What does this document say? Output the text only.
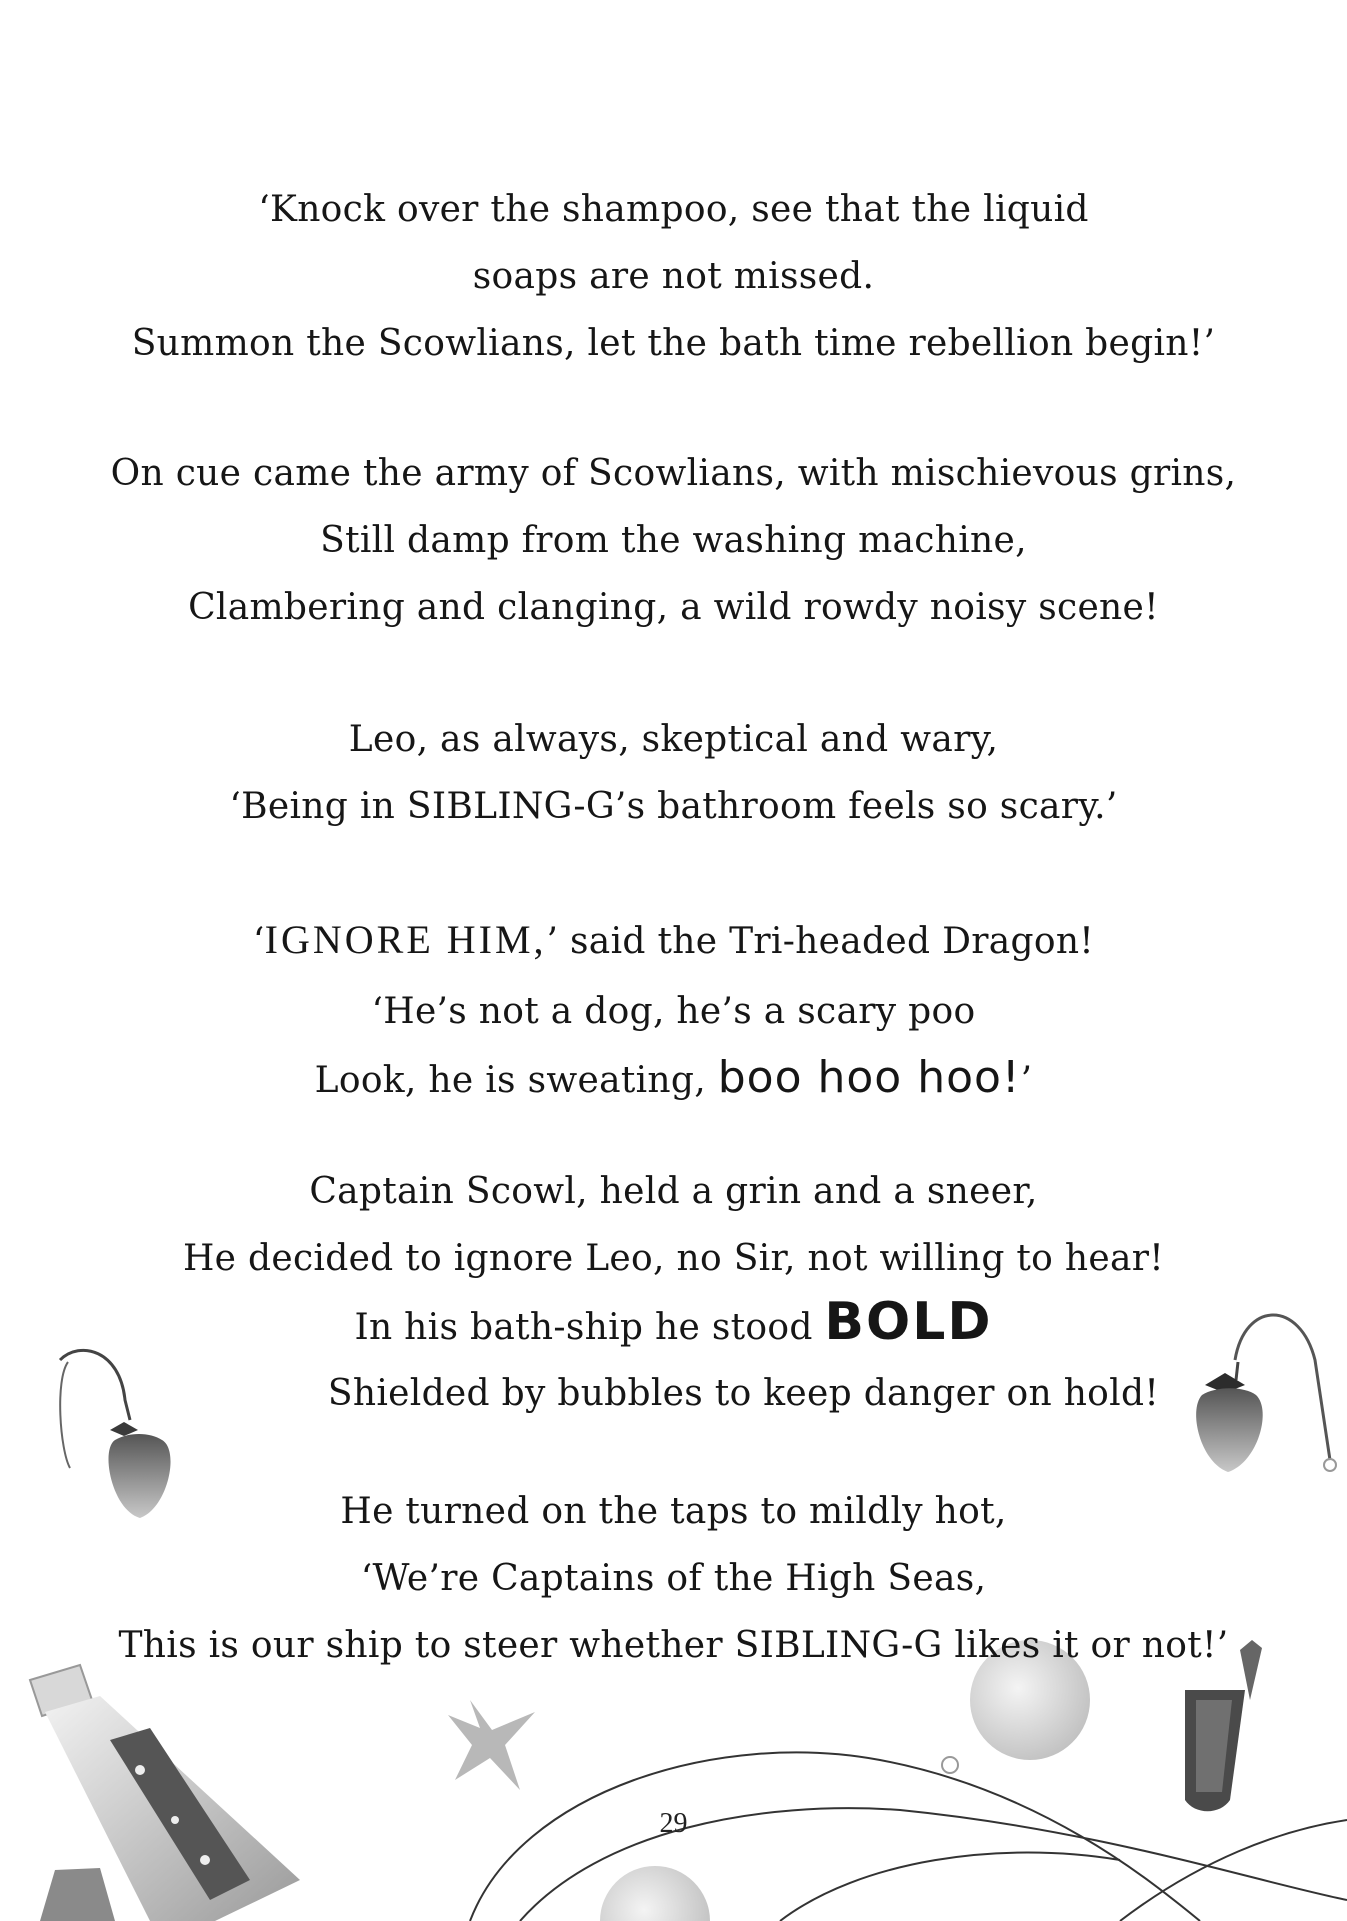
‘Knock over the shampoo, see that the liquid
soaps are not missed.
Summon the Scowlians, let the bath time rebellion begin!’
On cue came the army of Scowlians, with mischievous grins,
Still damp from the washing machine,
Clambering and clanging, a wild rowdy noisy scene!
Leo, as always, skeptical and wary,
‘Being in SIBLING-G’s bathroom feels so scary.’
‘IGNORE HIM,’ said the Tri-headed Dragon!
‘He’s not a dog, he’s a scary poo
Look, he is sweating, boo hoo hoo!’
Captain Scowl, held a grin and a sneer,
He decided to ignore Leo, no Sir, not willing to hear!
In his bath-ship he stood BOLD
Shielded by bubbles to keep danger on hold!
He turned on the taps to mildly hot,
‘We’re Captains of the High Seas,
This is our ship to steer whether SIBLING-G likes it or not!’
29
